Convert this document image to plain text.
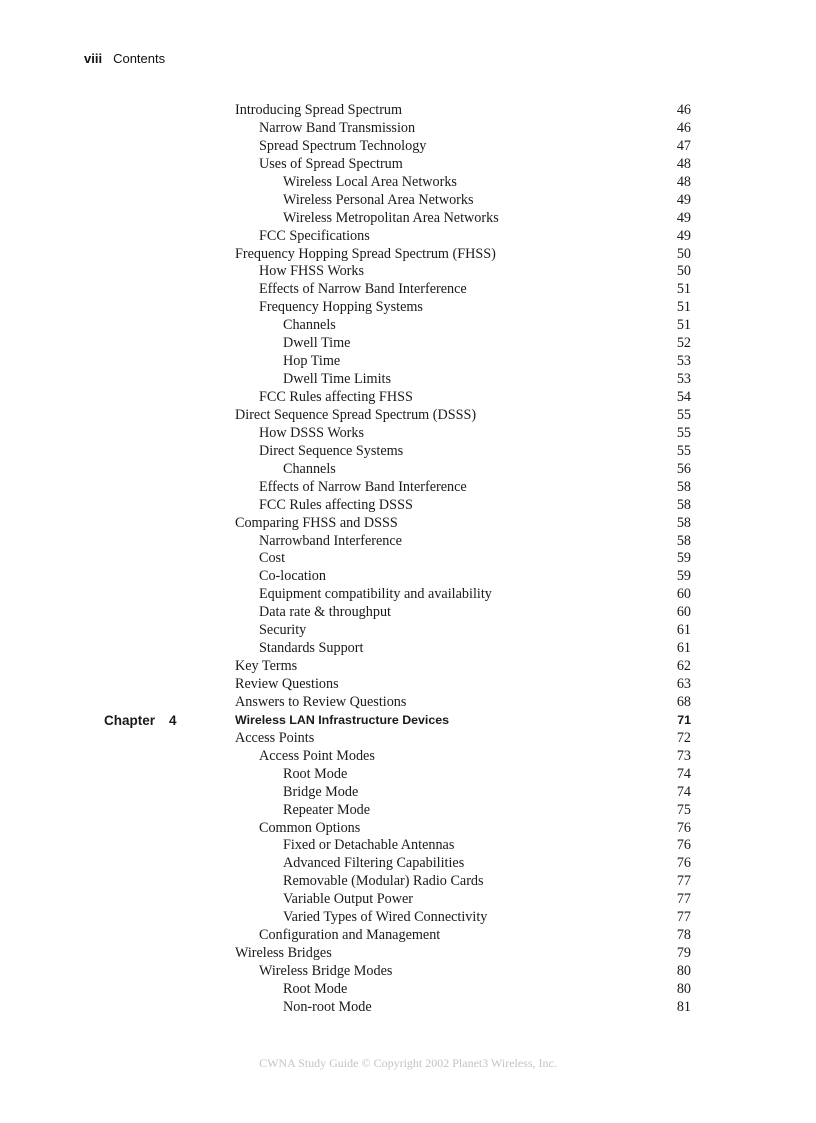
viii Contents
Introducing Spread Spectrum	46
Narrow Band Transmission	46
Spread Spectrum Technology	47
Uses of Spread Spectrum	48
Wireless Local Area Networks	48
Wireless Personal Area Networks	49
Wireless Metropolitan Area Networks	49
FCC Specifications	49
Frequency Hopping Spread Spectrum (FHSS)	50
How FHSS Works	50
Effects of Narrow Band Interference	51
Frequency Hopping Systems	51
Channels	51
Dwell Time	52
Hop Time	53
Dwell Time Limits	53
FCC Rules affecting FHSS	54
Direct Sequence Spread Spectrum (DSSS)	55
How DSSS Works	55
Direct Sequence Systems	55
Channels	56
Effects of Narrow Band Interference	58
FCC Rules affecting DSSS	58
Comparing FHSS and DSSS	58
Narrowband Interference	58
Cost	59
Co-location	59
Equipment compatibility and availability	60
Data rate & throughput	60
Security	61
Standards Support	61
Key Terms	62
Review Questions	63
Answers to Review Questions	68
Chapter 4	Wireless LAN Infrastructure Devices	71
Access Points	72
Access Point Modes	73
Root Mode	74
Bridge Mode	74
Repeater Mode	75
Common Options	76
Fixed or Detachable Antennas	76
Advanced Filtering Capabilities	76
Removable (Modular) Radio Cards	77
Variable Output Power	77
Varied Types of Wired Connectivity	77
Configuration and Management	78
Wireless Bridges	79
Wireless Bridge Modes	80
Root Mode	80
Non-root Mode	81
CWNA Study Guide © Copyright 2002 Planet3 Wireless, Inc.
